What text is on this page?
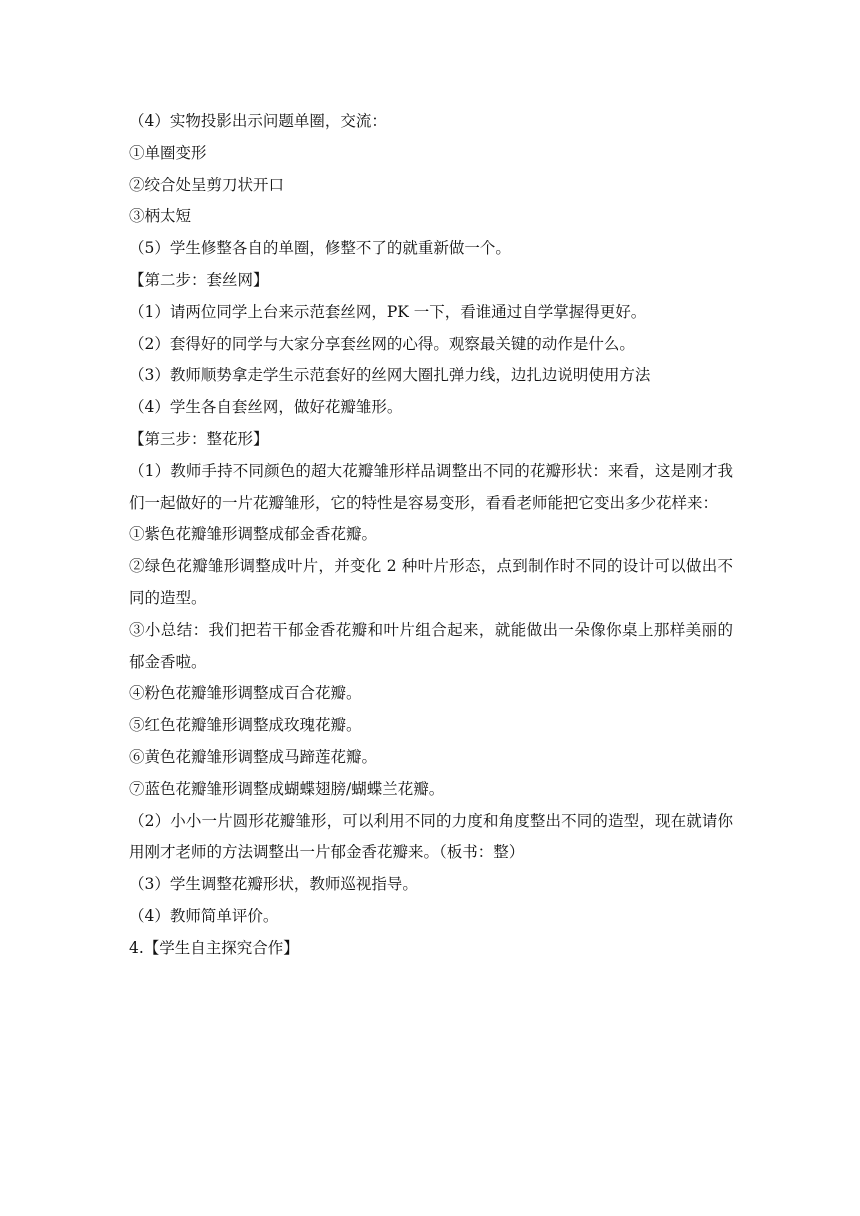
（4）实物投影出示问题单圈，交流：

①单圈变形

②绞合处呈剪刀状开口

③柄太短

（5）学生修整各自的单圈，修整不了的就重新做一个。

【第二步：套丝网】

（1）请两位同学上台来示范套丝网，PK 一下，看谁通过自学掌握得更好。

（2）套得好的同学与大家分享套丝网的心得。观察最关键的动作是什么。

（3）教师顺势拿走学生示范套好的丝网大圈扎弹力线，边扎边说明使用方法

（4）学生各自套丝网，做好花瓣雏形。

【第三步：整花形】

（1）教师手持不同颜色的超大花瓣雏形样品调整出不同的花瓣形状：来看，这是刚才我们一起做好的一片花瓣雏形，它的特性是容易变形，看看老师能把它变出多少花样来：

①紫色花瓣雏形调整成郁金香花瓣。

②绿色花瓣雏形调整成叶片，并变化 2 种叶片形态，点到制作时不同的设计可以做出不同的造型。

③小总结：我们把若干郁金香花瓣和叶片组合起来，就能做出一朵像你桌上那样美丽的郁金香啦。

④粉色花瓣雏形调整成百合花瓣。

⑤红色花瓣雏形调整成玫瑰花瓣。

⑥黄色花瓣雏形调整成马蹄莲花瓣。

⑦蓝色花瓣雏形调整成蝴蝶翅膀/蝴蝶兰花瓣。

（2）小小一片圆形花瓣雏形，可以利用不同的力度和角度整出不同的造型，现在就请你用刚才老师的方法调整出一片郁金香花瓣来。（板书：整）

（3）学生调整花瓣形状，教师巡视指导。

（4）教师简单评价。

4.【学生自主探究合作】
